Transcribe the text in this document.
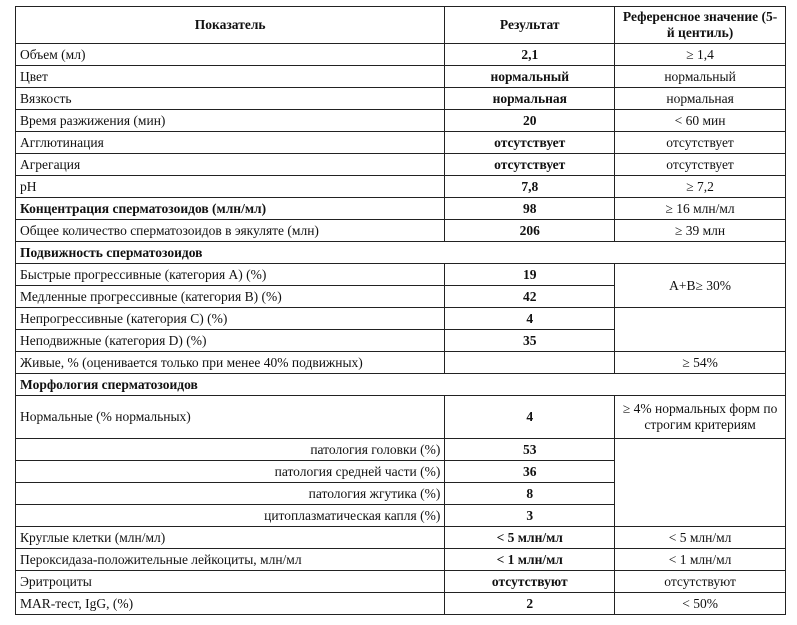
Показатель	Результат	Референсное значение (5-й центиль)
Объем (мл)	2,1	≥ 1,4
Цвет	нормальный	нормальный
Вязкость	нормальная	нормальная
Время разжижения (мин)	20	< 60 мин
Агглютинация	отсутствует	отсутствует
Агрегация	отсутствует	отсутствует
pH	7,8	≥ 7,2
Концентрация сперматозоидов (млн/мл)	98	≥ 16 млн/мл
Общее количество сперматозоидов в эякуляте (млн)	206	≥ 39 млн
Подвижность сперматозоидов		
Быстрые прогрессивные (категория А) (%)	19	А+В≥ 30%
Медленные прогрессивные (категория В) (%)	42	
Непрогрессивные (категория С) (%)	4	
Неподвижные (категория D) (%)	35	
Живые, % (оценивается только при менее 40% подвижных)		≥ 54%
Морфология сперматозоидов		
Нормальные (% нормальных)	4	≥ 4% нормальных форм по строгим критериям
патология головки (%)	53	
патология средней части (%)	36	
патология жгутика (%)	8	
цитоплазматическая капля (%)	3	
Круглые клетки (млн/мл)	< 5 млн/мл	< 5 млн/мл
Пероксидаза-положительные лейкоциты, млн/мл	< 1 млн/мл	< 1 млн/мл
Эритроциты	отсутствуют	отсутствуют
MAR-тест, IgG, (%)	2	< 50%
